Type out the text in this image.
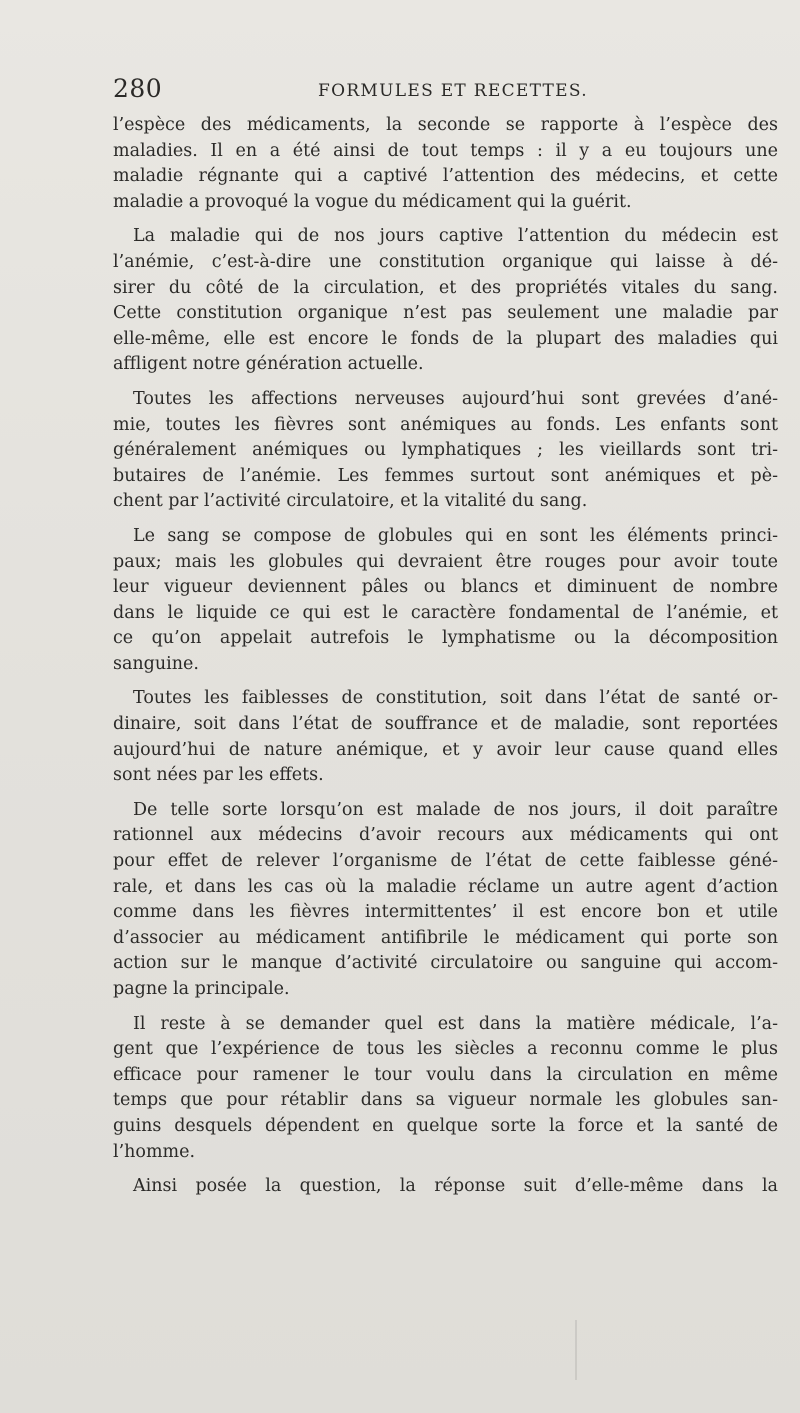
280	FORMULES ET RECETTES.
l’espèce des médicaments, la seconde se rapporte à l’espèce des
maladies. Il en a été ainsi de tout temps : il y a eu toujours une
maladie régnante qui a captivé l’attention des médecins, et cette
maladie a provoqué la vogue du médicament qui la guérit.
La maladie qui de nos jours captive l’attention du médecin est
l’anémie, c’est-à-dire une constitution organique qui laisse à dé-
sirer du côté de la circulation, et des propriétés vitales du sang.
Cette constitution organique n’est pas seulement une maladie par
elle-même, elle est encore le fonds de la plupart des maladies qui
affligent notre génération actuelle.
Toutes les affections nerveuses aujourd’hui sont grevées d’ané-
mie, toutes les fièvres sont anémiques au fonds. Les enfants sont
généralement anémiques ou lymphatiques ; les vieillards sont tri-
butaires de l’anémie. Les femmes surtout sont anémiques et pè-
chent par l’activité circulatoire, et la vitalité du sang.
Le sang se compose de globules qui en sont les éléments princi-
paux; mais les globules qui devraient être rouges pour avoir toute
leur vigueur deviennent pâles ou blancs et diminuent de nombre
dans le liquide ce qui est le caractère fondamental de l’anémie, et
ce qu’on appelait autrefois le lymphatisme ou la décomposition
sanguine.
Toutes les faiblesses de constitution, soit dans l’état de santé or-
dinaire, soit dans l’état de souffrance et de maladie, sont reportées
aujourd’hui de nature anémique, et y avoir leur cause quand elles
sont nées par les effets.
De telle sorte lorsqu’on est malade de nos jours, il doit paraître
rationnel aux médecins d’avoir recours aux médicaments qui ont
pour effet de relever l’organisme de l’état de cette faiblesse géné-
rale, et dans les cas où la maladie réclame un autre agent d’action
comme dans les fièvres intermittentes’ il est encore bon et utile
d’associer au médicament antifibrile le médicament qui porte son
action sur le manque d’activité circulatoire ou sanguine qui accom-
pagne la principale.
Il reste à se demander quel est dans la matière médicale, l’a-
gent que l’expérience de tous les siècles a reconnu comme le plus
efficace pour ramener le tour voulu dans la circulation en même
temps que pour rétablir dans sa vigueur normale les globules san-
guins desquels dépendent en quelque sorte la force et la santé de
l’homme.
Ainsi posée la question, la réponse suit d’elle-même dans la
